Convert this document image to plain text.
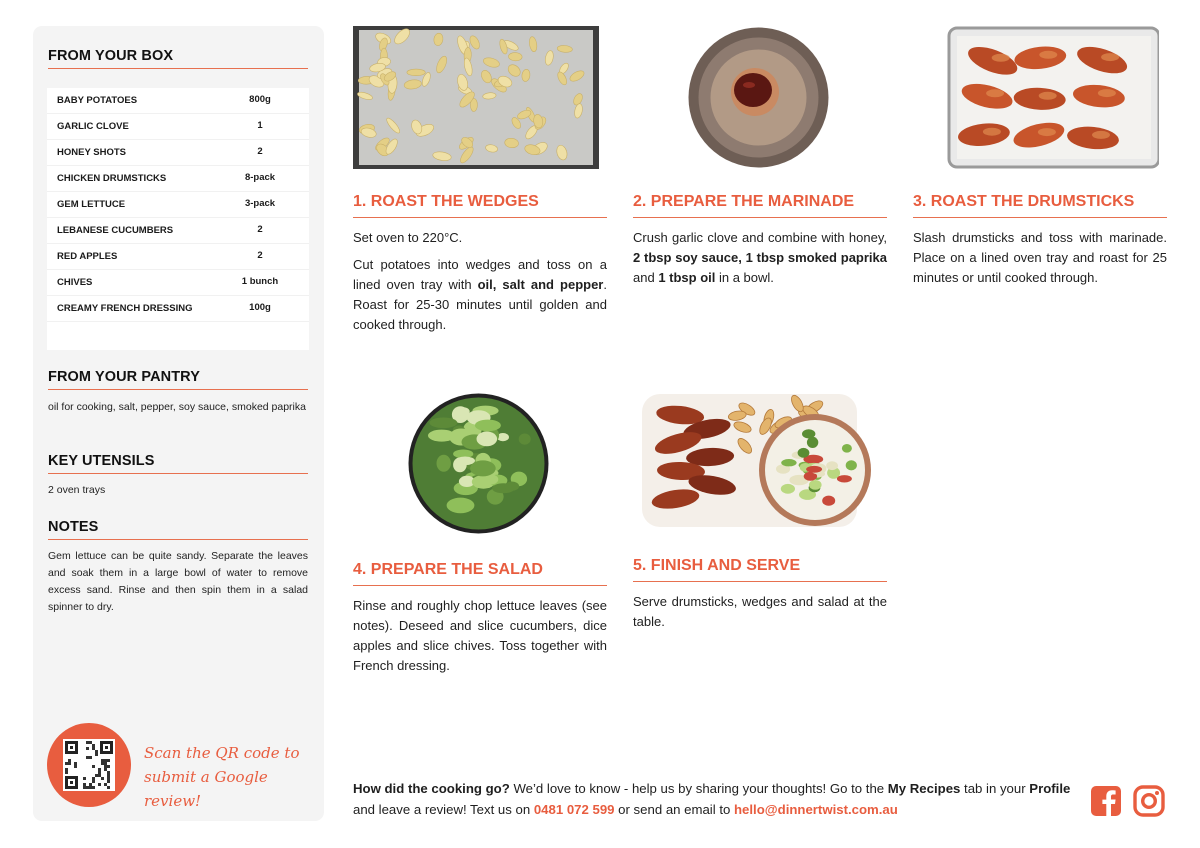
FROM YOUR BOX
BABY POTATOES	800g
GARLIC CLOVE	1
HONEY SHOTS	2
CHICKEN DRUMSTICKS	8-pack
GEM LETTUCE	3-pack
LEBANESE CUCUMBERS	2
RED APPLES	2
CHIVES	1 bunch
CREAMY FRENCH DRESSING	100g
FROM YOUR PANTRY
oil for cooking, salt, pepper, soy sauce, smoked paprika
KEY UTENSILS
2 oven trays
NOTES
Gem lettuce can be quite sandy. Separate the leaves and soak them in a large bowl of water to remove excess sand. Rinse and then spin them in a salad spinner to dry.
Scan the QR code to
submit a Google review!
1. ROAST THE WEDGES

Set oven to 220°C.

Cut potatoes into wedges and toss on a lined oven tray with oil, salt and pepper. Roast for 25-30 minutes until golden and cooked through.

2. PREPARE THE MARINADE

Crush garlic clove and combine with honey, 2 tbsp soy sauce, 1 tbsp smoked paprika and 1 tbsp oil in a bowl.

3. ROAST THE DRUMSTICKS

Slash drumsticks and toss with marinade. Place on a lined oven tray and roast for 25 minutes or until cooked through.

4. PREPARE THE SALAD

Rinse and roughly chop lettuce leaves (see notes). Deseed and slice cucumbers, dice apples and slice chives. Toss together with French dressing.

5. FINISH AND SERVE

Serve drumsticks, wedges and salad at the table.

How did the cooking go? We’d love to know - help us by sharing your thoughts! Go to the My Recipes tab in your Profile and leave a review! Text us on 0481 072 599 or send an email to hello@dinnertwist.com.au
